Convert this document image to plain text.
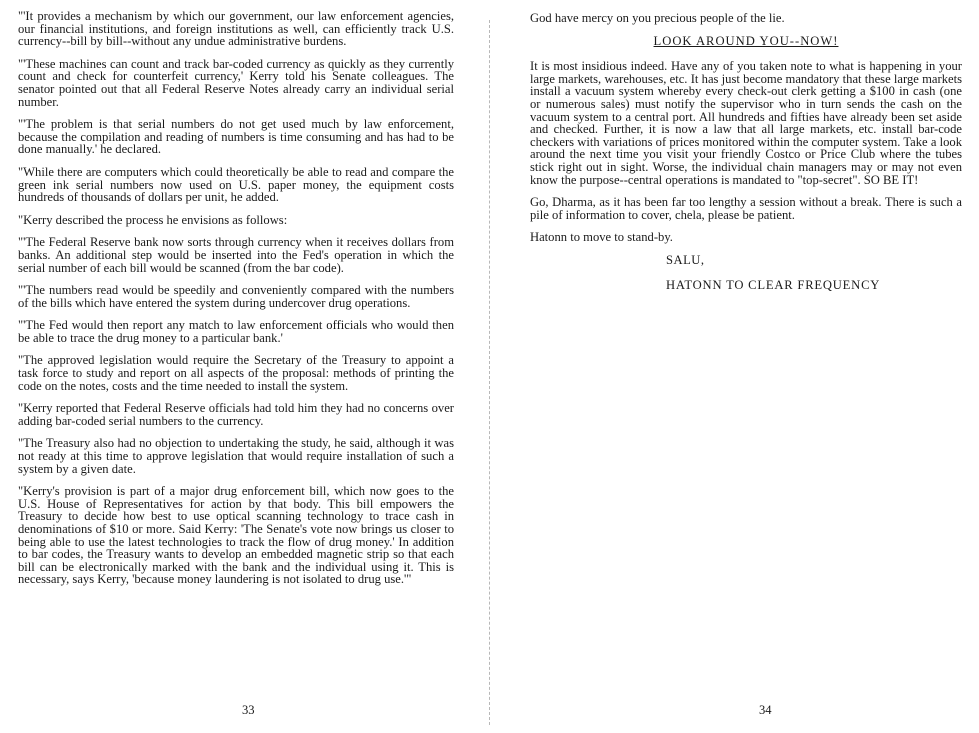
"'It provides a mechanism by which our government, our law enforcement agencies, our financial institutions, and foreign institutions as well, can efficiently track U.S. currency--bill by bill--without any undue administrative burdens.

"'These machines can count and track bar-coded currency as quickly as they currently count and check for counterfeit currency,' Kerry told his Senate colleagues. The senator pointed out that all Federal Reserve Notes already carry an individual serial number.

"'The problem is that serial numbers do not get used much by law enforcement, because the compilation and reading of numbers is time consuming and has had to be done manually.' he declared.

"While there are computers which could theoretically be able to read and compare the green ink serial numbers now used on U.S. paper money, the equipment costs hundreds of thousands of dollars per unit, he added.

"Kerry described the process he envisions as follows:

"'The Federal Reserve bank now sorts through currency when it receives dollars from banks. An additional step would be inserted into the Fed's operation in which the serial number of each bill would be scanned (from the bar code).

"'The numbers read would be speedily and conveniently compared with the numbers of the bills which have entered the system during undercover drug operations.

"'The Fed would then report any match to law enforcement officials who would then be able to trace the drug money to a particular bank.'

"The approved legislation would require the Secretary of the Treasury to appoint a task force to study and report on all aspects of the proposal: methods of printing the code on the notes, costs and the time needed to install the system.

"Kerry reported that Federal Reserve officials had told him they had no concerns over adding bar-coded serial numbers to the currency.

"The Treasury also had no objection to undertaking the study, he said, although it was not ready at this time to approve legislation that would require installation of such a system by a given date.

"Kerry's provision is part of a major drug enforcement bill, which now goes to the U.S. House of Representatives for action by that body. This bill empowers the Treasury to decide how best to use optical scanning technology to trace cash in denominations of $10 or more. Said Kerry: 'The Senate's vote now brings us closer to being able to use the latest technologies to track the flow of drug money.' In addition to bar codes, the Treasury wants to develop an embedded magnetic strip so that each bill can be electronically marked with the bank and the individual using it. This is necessary, says Kerry, 'because money laundering is not isolated to drug use.'"

33

God have mercy on you precious people of the lie.

LOOK AROUND YOU--NOW!

It is most insidious indeed. Have any of you taken note to what is happening in your large markets, warehouses, etc. It has just become mandatory that these large markets install a vacuum system whereby every check-out clerk getting a $100 in cash (one or numerous sales) must notify the supervisor who in turn sends the cash on the vacuum system to a central port. All hundreds and fifties have already been set aside and checked. Further, it is now a law that all large markets, etc. install bar-code checkers with variations of prices monitored within the computer system. Take a look around the next time you visit your friendly Costco or Price Club where the tubes stick right out in sight. Worse, the individual chain managers may or may not even know the purpose--central operations is mandated to "top-secret". SO BE IT!

Go, Dharma, as it has been far too lengthy a session without a break. There is such a pile of information to cover, chela, please be patient.

Hatonn to move to stand-by.

SALU,

HATONN TO CLEAR FREQUENCY

34
